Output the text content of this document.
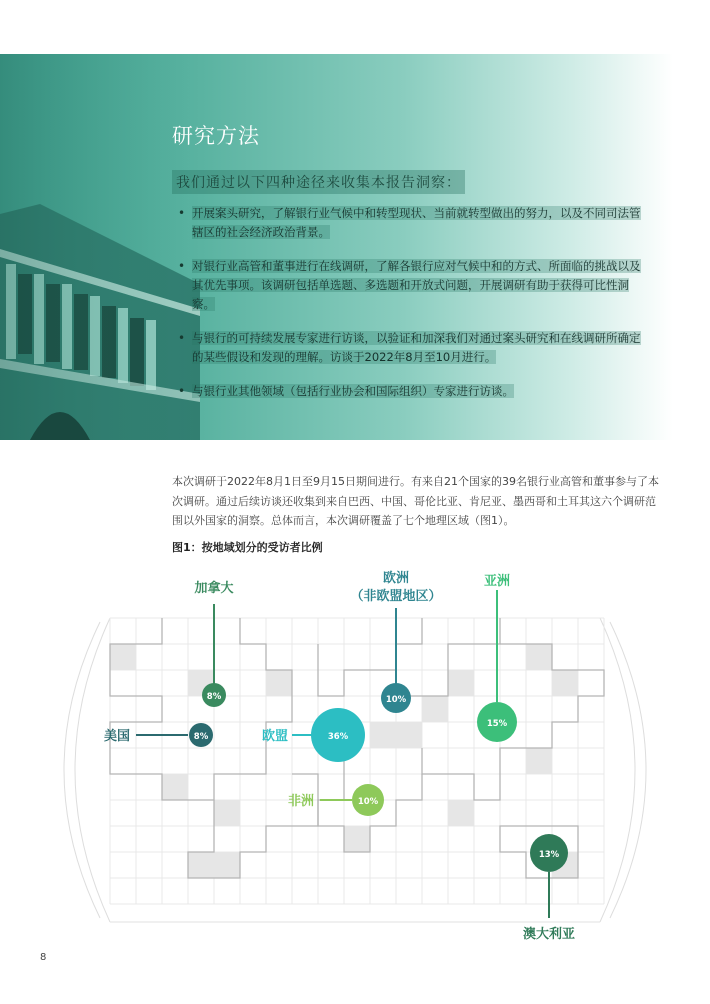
研究方法
我们通过以下四种途径来收集本报告洞察：
• 开展案头研究，了解银行业气候中和转型现状、当前就转型做出的努力，以及不同司法管辖区的社会经济政治背景。
• 对银行业高管和董事进行在线调研，了解各银行应对气候中和的方式、所面临的挑战以及其优先事项。该调研包括单选题、多选题和开放式问题，开展调研有助于获得可比性洞察。
• 与银行的可持续发展专家进行访谈，以验证和加深我们对通过案头研究和在线调研所确定的某些假设和发现的理解。访谈于2022年8月至10月进行。
• 与银行业其他领域（包括行业协会和国际组织）专家进行访谈。

本次调研于2022年8月1日至9月15日期间进行。有来自21个国家的39名银行业高管和董事参与了本次调研。通过后续访谈还收集到来自巴西、中国、哥伦比亚、肯尼亚、墨西哥和土耳其这六个调研范围以外国家的洞察。总体而言，本次调研覆盖了七个地理区域（图1）。

图1：按地域划分的受访者比例
8%
8%
10%
15%
36%
10%
13%
加拿大
美国
欧洲
（非欧盟地区）
亚洲
欧盟
非洲
澳大利亚
8
